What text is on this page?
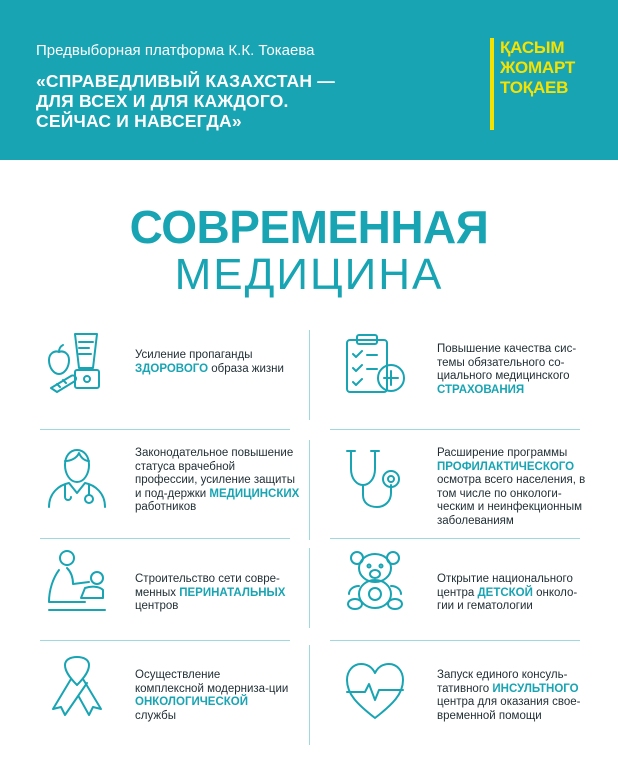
Предвыборная платформа К.К. Токаева
«СПРАВЕДЛИВЫЙ КАЗАХСТАН —
ДЛЯ ВСЕХ И ДЛЯ КАЖДОГО.
СЕЙЧАС И НАВСЕГДА»
ҚАСЫМ
ЖОМАРТ
ТОҚАЕВ
СОВРЕМЕННАЯ
МЕДИЦИНА
Усиление пропаганды ЗДОРОВОГО образа жизни
Повышение качества сис-темы обязательного со-циального медицинского СТРАХОВАНИЯ
Законодательное повышение статуса врачебной профессии, усиление защиты и под-держки МЕДИЦИНСКИХ работников
Расширение программы ПРОФИЛАКТИЧЕСКОГО осмотра всего населения, в том числе по онкологи-ческим и неинфекционным заболеваниям
Строительство сети совре-менных ПЕРИНАТАЛЬНЫХ центров
Открытие национального центра ДЕТСКОЙ онколо-гии и гематологии
Осуществление комплексной модерниза-ции ОНКОЛОГИЧЕСКОЙ службы
Запуск единого консуль-тативного ИНСУЛЬТНОГО центра для оказания свое-временной помощи
